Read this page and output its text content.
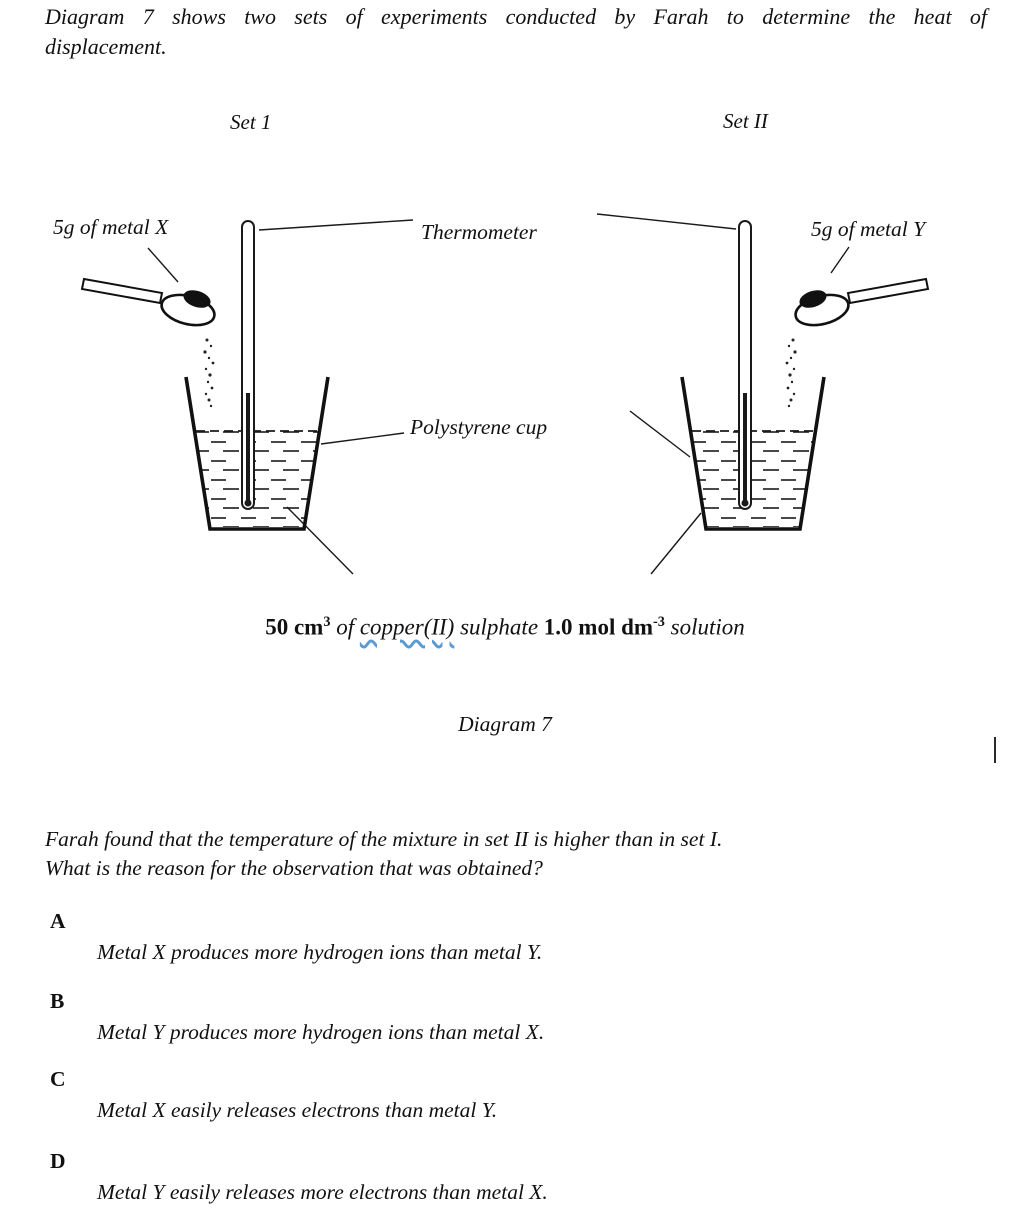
Diagram 7 shows two sets of experiments conducted by Farah to determine the heat of
displacement.
Set 1	Set II
5g of metal X	Thermometer	5g of metal Y
Polystyrene cup
50 $cm^3$ of copper(II) sulphate 1.0 mol $dm^{-3}$ solution
Diagram 7
Farah found that the temperature of the mixture in set II is higher than in set I.
What is the reason for the observation that was obtained?
A
Metal X produces more hydrogen ions than metal Y.
B
Metal Y produces more hydrogen ions than metal X.
C
Metal X easily releases electrons than metal Y.
D
Metal Y easily releases more electrons than metal X.
